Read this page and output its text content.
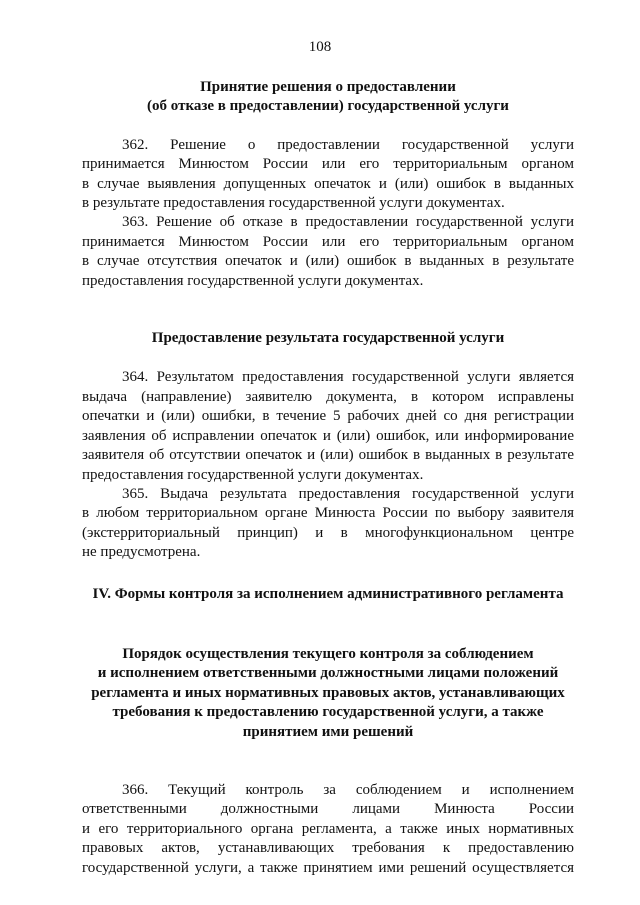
108
Принятие решения о предоставлении
(об отказе в предоставлении) государственной услуги
362. Решение о предоставлении государственной услуги
принимается Минюстом России или его территориальным органом
в случае выявления допущенных опечаток и (или) ошибок в выданных
в результате предоставления государственной услуги документах.
363. Решение об отказе в предоставлении государственной услуги
принимается Минюстом России или его территориальным органом
в случае отсутствия опечаток и (или) ошибок в выданных в результате
предоставления государственной услуги документах.
Предоставление результата государственной услуги
364. Результатом предоставления государственной услуги является
выдача (направление) заявителю документа, в котором исправлены
опечатки и (или) ошибки, в течение 5 рабочих дней со дня регистрации
заявления об исправлении опечаток и (или) ошибок, или информирование
заявителя об отсутствии опечаток и (или) ошибок в выданных в результате
предоставления государственной услуги документах.
365. Выдача результата предоставления государственной услуги
в любом территориальном органе Минюста России по выбору заявителя
(экстерриториальный принцип) и в многофункциональном центре
не предусмотрена.
IV. Формы контроля за исполнением административного регламента
Порядок осуществления текущего контроля за соблюдением
и исполнением ответственными должностными лицами положений
регламента и иных нормативных правовых актов, устанавливающих
требования к предоставлению государственной услуги, а также
принятием ими решений
366. Текущий контроль за соблюдением и исполнением
ответственными должностными лицами Минюста России
и его территориального органа регламента, а также иных нормативных
правовых актов, устанавливающих требования к предоставлению
государственной услуги, а также принятием ими решений осуществляется
